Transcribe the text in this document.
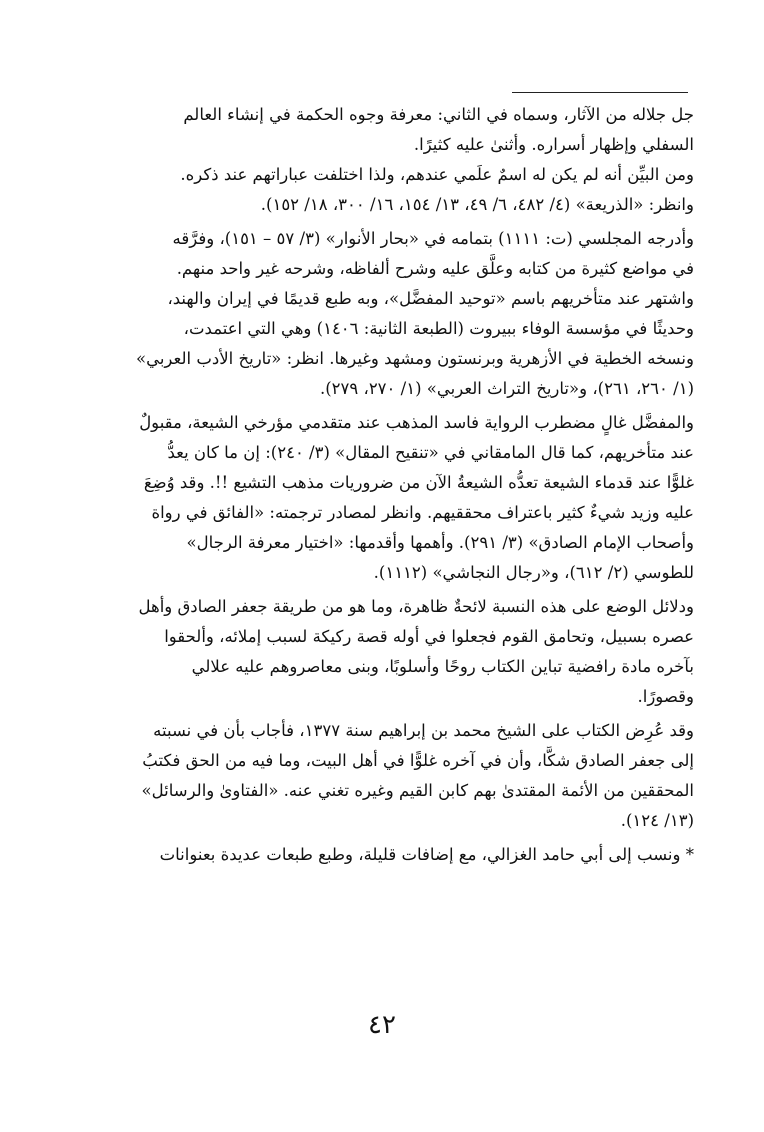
جل جلاله من الآثار، وسماه في الثاني: معرفة وجوه الحكمة في إنشاء العالم
السفلي وإظهار أسراره. وأثنىٰ عليه كثيرًا.
ومن البيِّن أنه لم يكن له اسمٌ علَمي عندهم، ولذا اختلفت عباراتهم عند ذكره.
وانظر: «الذريعة» (٤/ ٤٨٢، ٦/ ٤٩، ١٣/ ١٥٤، ١٦/ ٣٠٠، ١٨/ ١٥٢).
وأدرجه المجلسي (ت: ١١١١) بتمامه في «بحار الأنوار» (٣/ ٥٧ – ١٥١)، وفرَّقه
في مواضع كثيرة من كتابه وعلَّق عليه وشرح ألفاظه، وشرحه غير واحد منهم.
واشتهر عند متأخريهم باسم «توحيد المفضَّل»، وبه طبع قديمًا في إيران والهند،
وحديثًا في مؤسسة الوفاء ببيروت (الطبعة الثانية: ١٤٠٦) وهي التي اعتمدت،
ونسخه الخطية في الأزهرية وبرنستون ومشهد وغيرها. انظر: «تاريخ الأدب العربي»
(١/ ٢٦٠، ٢٦١)، و«تاريخ التراث العربي» (١/ ٢٧٠، ٢٧٩).
والمفضَّل غالٍ مضطرب الرواية فاسد المذهب عند متقدمي مؤرخي الشيعة، مقبولٌ
عند متأخريهم، كما قال المامقاني في «تنقيح المقال» (٣/ ٢٤٠): إن ما كان يعدُّ
غلوًّا عند قدماء الشيعة تعدُّه الشيعةُ الآن من ضروريات مذهب التشيع !!. وقد وُضِعَ
عليه وزيد شيءٌ كثير باعتراف محققيهم. وانظر لمصادر ترجمته: «الفائق في رواة
وأصحاب الإمام الصادق» (٣/ ٢٩١). وأهمها وأقدمها: «اختيار معرفة الرجال»
للطوسي (٢/ ٦١٢)، و«رجال النجاشي» (١١١٢).
ودلائل الوضع على هذه النسبة لائحةٌ ظاهرة، وما هو من طريقة جعفر الصادق وأهل
عصره بسبيل، وتحامق القوم فجعلوا في أوله قصة ركيكة لسبب إملائه، وألحقوا
بآخره مادة رافضية تباين الكتاب روحًا وأسلوبًا، وبنى معاصروهم عليه علالي
وقصورًا.
وقد عُرِض الكتاب على الشيخ محمد بن إبراهيم سنة ١٣٧٧، فأجاب بأن في نسبته
إلى جعفر الصادق شكًّا، وأن في آخره غلوًّا في أهل البيت، وما فيه من الحق فكتبُ
المحققين من الأئمة المقتدىٰ بهم كابن القيم وغيره تغني عنه. «الفتاوىٰ والرسائل»
(١٣/ ١٢٤).
* ونسب إلى أبي حامد الغزالي، مع إضافات قليلة، وطبع طبعات عديدة بعنوانات
٤٢
